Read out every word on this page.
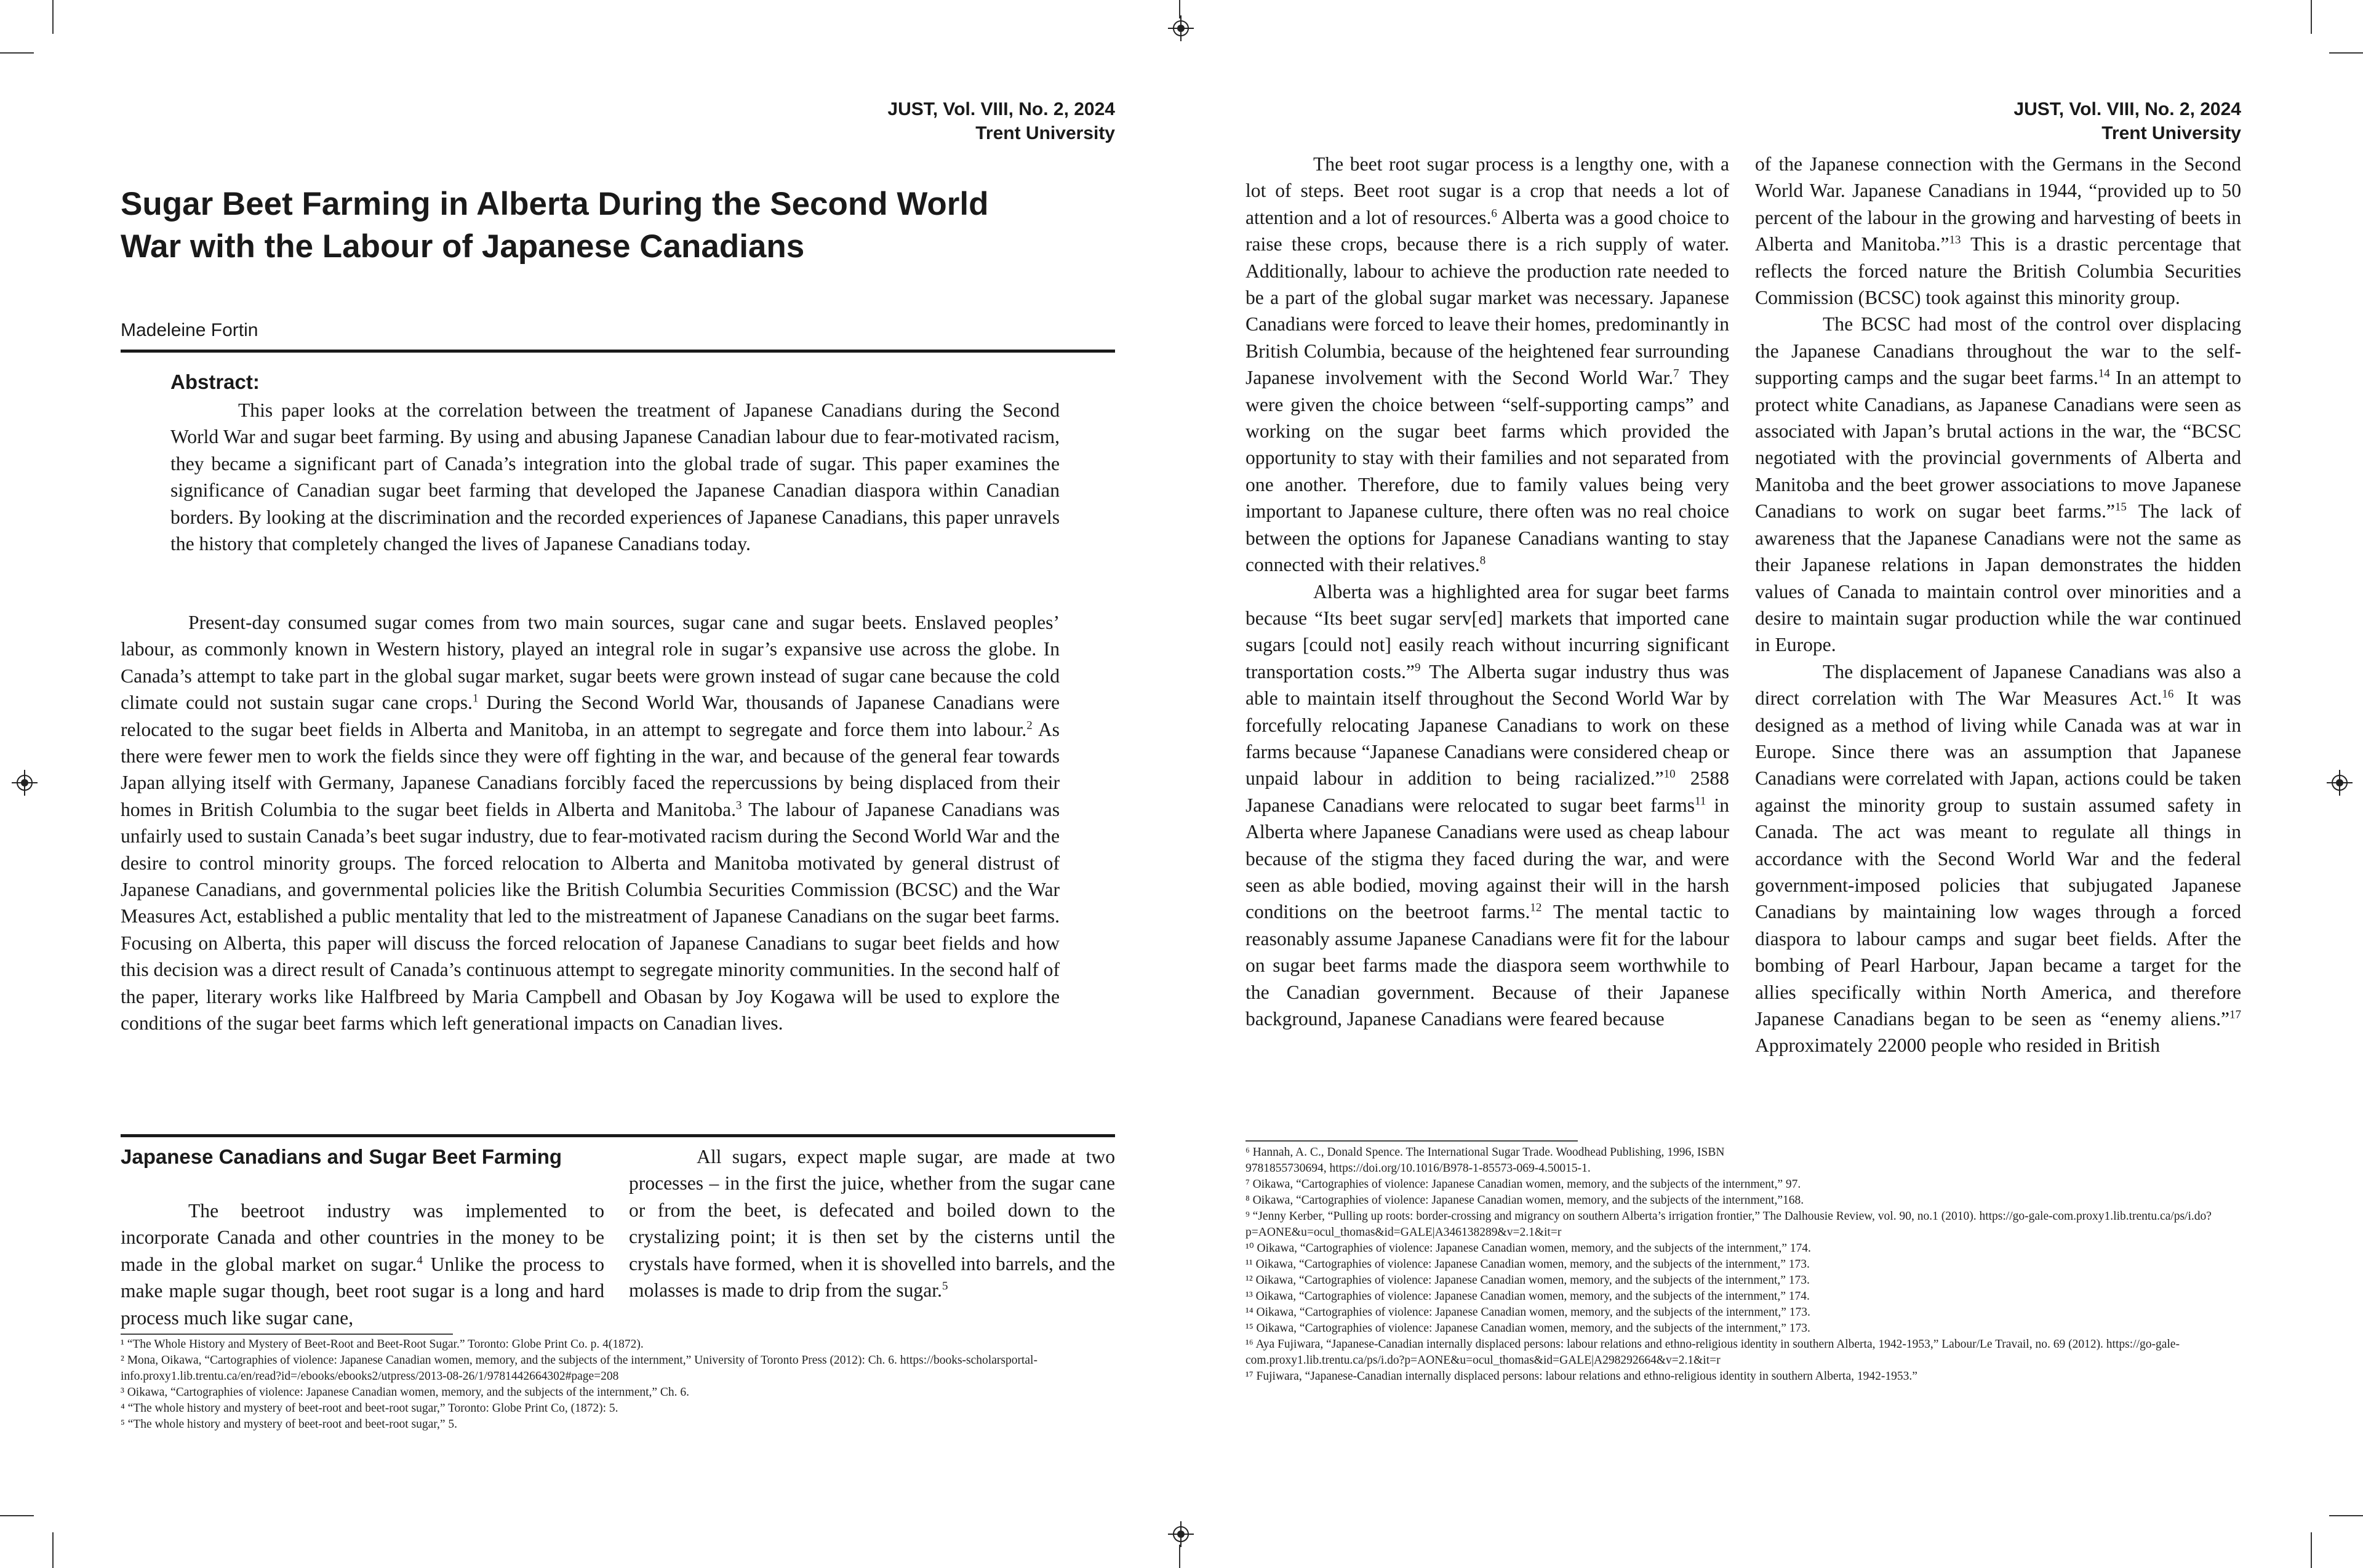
JUST, Vol. VIII, No. 2, 2024
Trent University
Sugar Beet Farming in Alberta During the Second World
War with the Labour of Japanese Canadians
Madeleine Fortin
Abstract:

This paper looks at the correlation between the treatment of Japanese Canadians during the Second World War and sugar beet farming. By using and abusing Japanese Canadian labour due to fear-motivated racism, they became a significant part of Canada’s integration into the global trade of sugar. This paper examines the significance of Canadian sugar beet farming that developed the Japanese Canadian diaspora within Canadian borders. By looking at the discrimination and the recorded experiences of Japanese Canadians, this paper unravels the history that completely changed the lives of Japanese Canadians today.

Present-day consumed sugar comes from two main sources, sugar cane and sugar beets. Enslaved peoples’ labour, as commonly known in Western history, played an integral role in sugar’s expansive use across the globe. In Canada’s attempt to take part in the global sugar market, sugar beets were grown instead of sugar cane because the cold climate could not sustain sugar cane crops.$^1$ During the Second World War, thousands of Japanese Canadians were relocated to the sugar beet fields in Alberta and Manitoba, in an attempt to segregate and force them into labour.$^2$ As there were fewer men to work the fields since they were off fighting in the war, and because of the general fear towards Japan allying itself with Germany, Japanese Canadians forcibly faced the repercussions by being displaced from their homes in British Columbia to the sugar beet fields in Alberta and Manitoba.$^3$ The labour of Japanese Canadians was unfairly used to sustain Canada’s beet sugar industry, due to fear-motivated racism during the Second World War and the desire to control minority groups. The forced relocation to Alberta and Manitoba motivated by general distrust of Japanese Canadians, and governmental policies like the British Columbia Securities Commission (BCSC) and the War Measures Act, established a public mentality that led to the mistreatment of Japanese Canadians on the sugar beet farms. Focusing on Alberta, this paper will discuss the forced relocation of Japanese Canadians to sugar beet fields and how this decision was a direct result of Canada’s continuous attempt to segregate minority communities. In the second half of the paper, literary works like Halfbreed by Maria Campbell and Obasan by Joy Kogawa will be used to explore the conditions of the sugar beet farms which left generational impacts on Canadian lives.

Japanese Canadians and Sugar Beet Farming

The beetroot industry was implemented to incorporate Canada and other countries in the money to be made in the global market on sugar.$^4$ Unlike the process to make maple sugar though, beet root sugar is a long and hard process much like sugar cane,

All sugars, expect maple sugar, are made at two processes – in the first the juice, whether from the sugar cane or from the beet, is defecated and boiled down to the crystalizing point; it is then set by the cisterns until the crystals have formed, when it is shovelled into barrels, and the molasses is made to drip from the sugar.$^5$

¹ “The Whole History and Mystery of Beet-Root and Beet-Root Sugar.” Toronto: Globe Print Co. p. 4(1872).

² Mona, Oikawa, “Cartographies of violence: Japanese Canadian women, memory, and the subjects of the internment,” University of Toronto Press (2012): Ch. 6. https://books-scholarsportal-info.proxy1.lib.trentu.ca/en/read?id=/ebooks/ebooks2/utpress/2013-08-26/1/9781442664302#page=208

³ Oikawa, “Cartographies of violence: Japanese Canadian women, memory, and the subjects of the internment,” Ch. 6.

⁴ “The whole history and mystery of beet-root and beet-root sugar,” Toronto: Globe Print Co, (1872): 5.

⁵ “The whole history and mystery of beet-root and beet-root sugar,” 5.

JUST, Vol. VIII, No. 2, 2024
Trent University

The beet root sugar process is a lengthy one, with a lot of steps. Beet root sugar is a crop that needs a lot of attention and a lot of resources.$^6$ Alberta was a good choice to raise these crops, because there is a rich supply of water. Additionally, labour to achieve the production rate needed to be a part of the global sugar market was necessary. Japanese Canadians were forced to leave their homes, predominantly in British Columbia, because of the heightened fear surrounding Japanese involvement with the Second World War.$^7$ They were given the choice between “self-supporting camps” and working on the sugar beet farms which provided the opportunity to stay with their families and not separated from one another. Therefore, due to family values being very important to Japanese culture, there often was no real choice between the options for Japanese Canadians wanting to stay connected with their relatives.$^8$

Alberta was a highlighted area for sugar beet farms because “Its beet sugar serv[ed] markets that imported cane sugars [could not] easily reach without incurring significant transportation costs.”$^9$ The Alberta sugar industry thus was able to maintain itself throughout the Second World War by forcefully relocating Japanese Canadians to work on these farms because “Japanese Canadians were considered cheap or unpaid labour in addition to being racialized.”$^{10}$ 2588 Japanese Canadians were relocated to sugar beet farms$^{11}$ in Alberta where Japanese Canadians were used as cheap labour because of the stigma they faced during the war, and were seen as able bodied, moving against their will in the harsh conditions on the beetroot farms.$^{12}$ The mental tactic to reasonably assume Japanese Canadians were fit for the labour on sugar beet farms made the diaspora seem worthwhile to the Canadian government. Because of their Japanese background, Japanese Canadians were feared because

of the Japanese connection with the Germans in the Second World War. Japanese Canadians in 1944, “provided up to 50 percent of the labour in the growing and harvesting of beets in Alberta and Manitoba.”$^{13}$ This is a drastic percentage that reflects the forced nature the British Columbia Securities Commission (BCSC) took against this minority group.

The BCSC had most of the control over displacing the Japanese Canadians throughout the war to the self-supporting camps and the sugar beet farms.$^{14}$ In an attempt to protect white Canadians, as Japanese Canadians were seen as associated with Japan’s brutal actions in the war, the “BCSC negotiated with the provincial governments of Alberta and Manitoba and the beet grower associations to move Japanese Canadians to work on sugar beet farms.”$^{15}$ The lack of awareness that the Japanese Canadians were not the same as their Japanese relations in Japan demonstrates the hidden values of Canada to maintain control over minorities and a desire to maintain sugar production while the war continued in Europe.

The displacement of Japanese Canadians was also a direct correlation with The War Measures Act.$^{16}$ It was designed as a method of living while Canada was at war in Europe. Since there was an assumption that Japanese Canadians were correlated with Japan, actions could be taken against the minority group to sustain assumed safety in Canada. The act was meant to regulate all things in accordance with the Second World War and the federal government-imposed policies that subjugated Japanese Canadians by maintaining low wages through a forced diaspora to labour camps and sugar beet fields. After the bombing of Pearl Harbour, Japan became a target for the allies specifically within North America, and therefore Japanese Canadians began to be seen as “enemy aliens.”$^{17}$ Approximately 22000 people who resided in British

⁶ Hannah, A. C., Donald Spence. The International Sugar Trade. Woodhead Publishing, 1996, ISBN 9781855730694, https://doi.org/10.1016/B978-1-85573-069-4.50015-1.

⁷ Oikawa, “Cartographies of violence: Japanese Canadian women, memory, and the subjects of the internment,” 97.

⁸ Oikawa, “Cartographies of violence: Japanese Canadian women, memory, and the subjects of the internment,”168.

⁹ “Jenny Kerber, “Pulling up roots: border-crossing and migrancy on southern Alberta’s irrigation frontier,” The Dalhousie Review, vol. 90, no.1 (2010). https://go-gale-com.proxy1.lib.trentu.ca/ps/i.do?p=AONE&u=ocul_thomas&id=GALE|A346138289&v=2.1&it=r

¹⁰ Oikawa, “Cartographies of violence: Japanese Canadian women, memory, and the subjects of the internment,” 174.

¹¹ Oikawa, “Cartographies of violence: Japanese Canadian women, memory, and the subjects of the internment,” 173.

¹² Oikawa, “Cartographies of violence: Japanese Canadian women, memory, and the subjects of the internment,” 173.

¹³ Oikawa, “Cartographies of violence: Japanese Canadian women, memory, and the subjects of the internment,” 174.

¹⁴ Oikawa, “Cartographies of violence: Japanese Canadian women, memory, and the subjects of the internment,” 173.

¹⁵ Oikawa, “Cartographies of violence: Japanese Canadian women, memory, and the subjects of the internment,” 173.

¹⁶ Aya Fujiwara, “Japanese-Canadian internally displaced persons: labour relations and ethno-religious identity in southern Alberta, 1942-1953,” Labour/Le Travail, no. 69 (2012). https://go-gale-com.proxy1.lib.trentu.ca/ps/i.do?p=AONE&u=ocul_thomas&id=GALE|A298292664&v=2.1&it=r

¹⁷ Fujiwara, “Japanese-Canadian internally displaced persons: labour relations and ethno-religious identity in southern Alberta, 1942-1953.”
